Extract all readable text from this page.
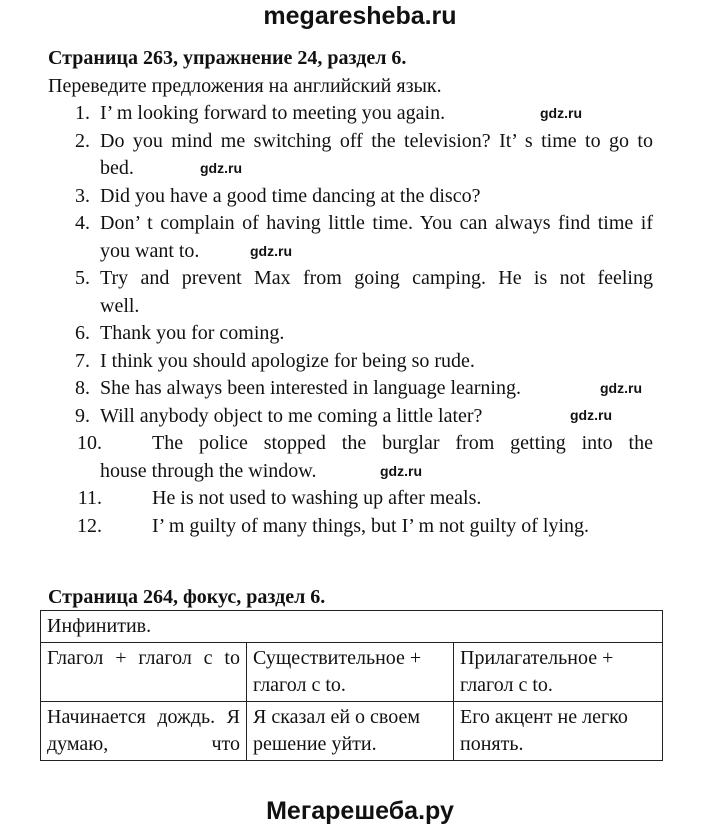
megaresheba.ru
Страница 263, упражнение 24, раздел 6.
Переведите предложения на английский язык.
1. I’ m looking forward to meeting you again.
2. Do you mind me switching off the television? It’ s time to go to
bed.
3. Did you have a good time dancing at the disco?
4. Don’ t complain of having little time. You can always find time if
you want to.
5. Try and prevent Max from going camping. He is not feeling
well.
6. Thank you for coming.
7. I think you should apologize for being so rude.
8. She has always been interested in language learning.
9. Will anybody object to me coming a little later?
10.	The police stopped the burglar from getting into the
house through the window.
11.	He is not used to washing up after meals.
12.	I’ m guilty of many things, but I’ m not guilty of lying.
gdz.ru
gdz.ru
gdz.ru
gdz.ru
gdz.ru
gdz.ru
Страница 264, фокус, раздел 6.
Инфинитив.		
Глагол + глагол с to	Существительное + глагол с to.	Прилагательное + глагол с to.
Начинается дождь. Я думаю, что	Я сказал ей о своем решение уйти.	Его акцент не легко понять.
Мегарешеба.ру
